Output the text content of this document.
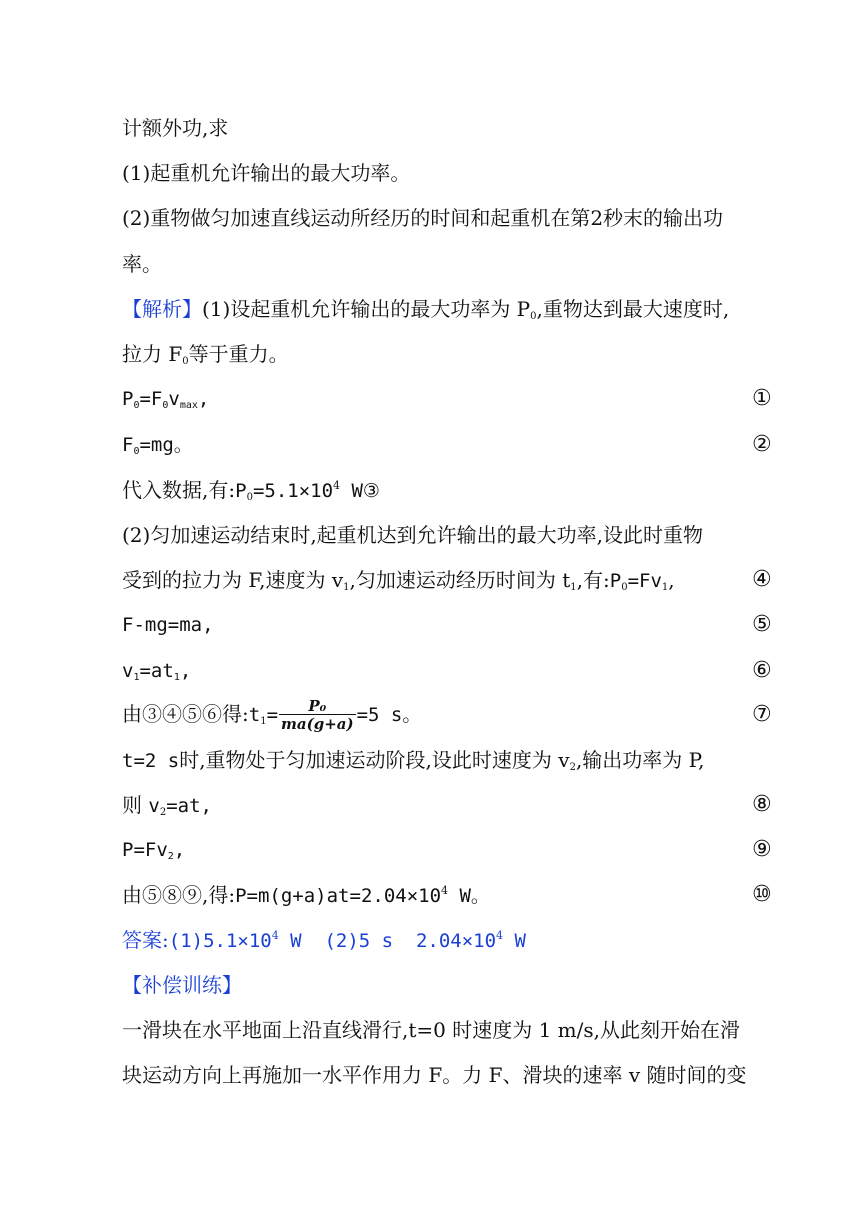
计额外功,求
(1)起重机允许输出的最大功率。
(2)重物做匀加速直线运动所经历的时间和起重机在第2秒末的输出功
率。
【解析】(1)设起重机允许输出的最大功率为 $P_0$,重物达到最大速度时,
拉力 $F_0$等于重力。
$P_0=F_0v_{max}$,	①
$F_0=mg$。	②
代入数据,有$:P_0=5.1\times 10^4$ W③
(2)匀加速运动结束时,起重机达到允许输出的最大功率,设此时重物
受到的拉力为 F,速度为 $v_1$,匀加速运动经历时间为 $t_1$,有$:P_0=Fv_1$,	④
F-mg=ma,	⑤
$v_1=at_1$,	⑥
由③④⑤⑥得$:t_1= \frac{\text{P₀}}{ma(g+a)} =5$ s。	⑦
t=2 s时,重物处于匀加速运动阶段,设此时速度为 $v_2$,输出功率为 P,
则 $v_2=at$,	⑧
$P=Fv_2$,	⑨
由⑤⑧⑨,得$:P=m(g+a)at=2.04\times 10^4$ W。	⑩
答案$:(1)5.1\times 10^4$ W  (2)5 s  $2.04\times 10^4$ W
【补偿训练】
一滑块在水平地面上沿直线滑行,t=0 时速度为 1 m/s,从此刻开始在滑
块运动方向上再施加一水平作用力 F。力 F、滑块的速率 v 随时间的变
